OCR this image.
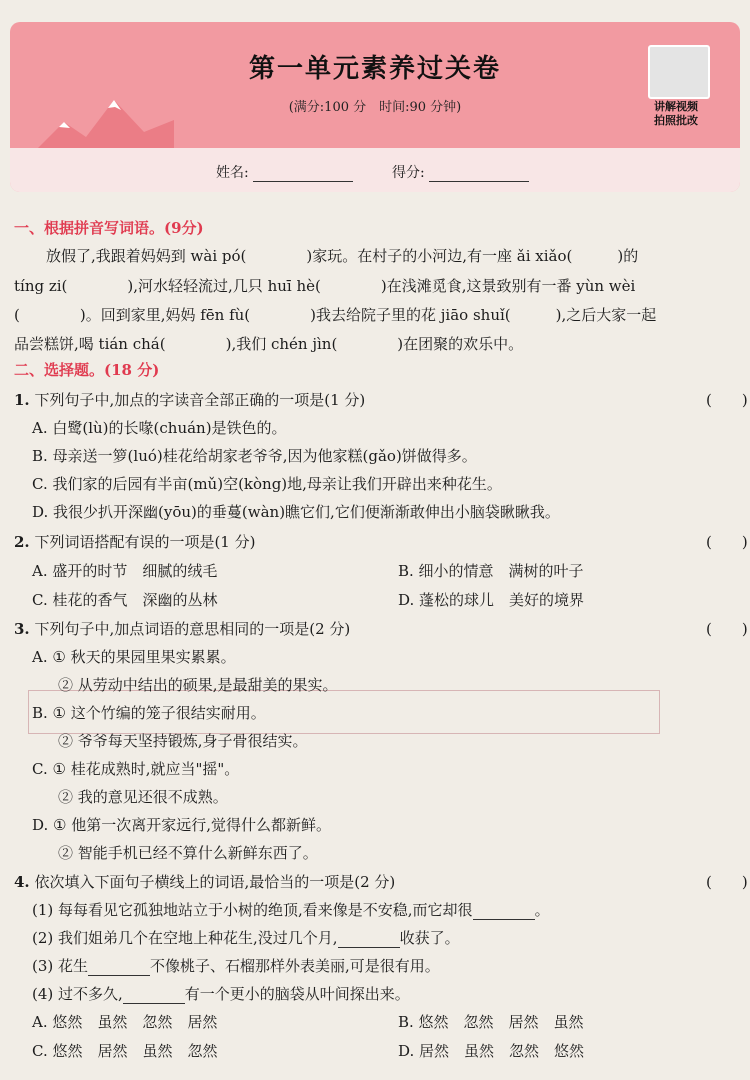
第一单元素养过关卷
(满分:100 分　时间:90 分钟)	讲解视频
拍照批改
姓名:	得分:
一、根据拼音写词语。(9分)
放假了,我跟着妈妈到 wài pó(　　　　)家玩。在村子的小河边,有一座 ǎi xiǎo(　　　)的
tíng zi(　　　　),河水轻轻流过,几只 huī hè(　　　　)在浅滩觅食,这景致别有一番 yùn wèi
(　　　　)。回到家里,妈妈 fēn fù(　　　　)我去给院子里的花 jiāo shuǐ(　　　),之后大家一起
品尝糕饼,喝 tián chá(　　　　),我们 chén jìn(　　　　)在团聚的欢乐中。
二、选择题。(18 分)
1. 下列句子中,加点的字读音全部正确的一项是(1 分)	(　　)
A. 白鹭(lù)的长喙(chuán)是铁色的。
B. 母亲送一箩(luó)桂花给胡家老爷爷,因为他家糕(gǎo)饼做得多。
C. 我们家的后园有半亩(mǔ)空(kòng)地,母亲让我们开辟出来种花生。
D. 我很少扒开深幽(yōu)的垂蔓(wàn)瞧它们,它们便渐渐敢伸出小脑袋瞅瞅我。
2. 下列词语搭配有误的一项是(1 分)	(　　)
A. 盛开的时节　细腻的绒毛	B. 细小的情意　满树的叶子
C. 桂花的香气　深幽的丛林	D. 蓬松的球儿　美好的境界
3. 下列句子中,加点词语的意思相同的一项是(2 分)	(　　)
A. ① 秋天的果园里果实累累。
② 从劳动中结出的硕果,是最甜美的果实。
B. ① 这个竹编的笼子很结实耐用。
② 爷爷每天坚持锻炼,身子骨很结实。
C. ① 桂花成熟时,就应当"摇"。
② 我的意见还很不成熟。
D. ① 他第一次离开家远行,觉得什么都新鲜。
② 智能手机已经不算什么新鲜东西了。
4. 依次填入下面句子横线上的词语,最恰当的一项是(2 分)	(　　)
(1) 每每看见它孤独地站立于小树的绝顶,看来像是不安稳,而它却很	。
(2) 我们姐弟几个在空地上种花生,没过几个月,	收获了。
(3) 花生	不像桃子、石榴那样外表美丽,可是很有用。
(4) 过不多久,	有一个更小的脑袋从叶间探出来。
A. 悠然　虽然　忽然　居然	B. 悠然　忽然　居然　虽然
C. 悠然　居然　虽然　忽然	D. 居然　虽然　忽然　悠然
